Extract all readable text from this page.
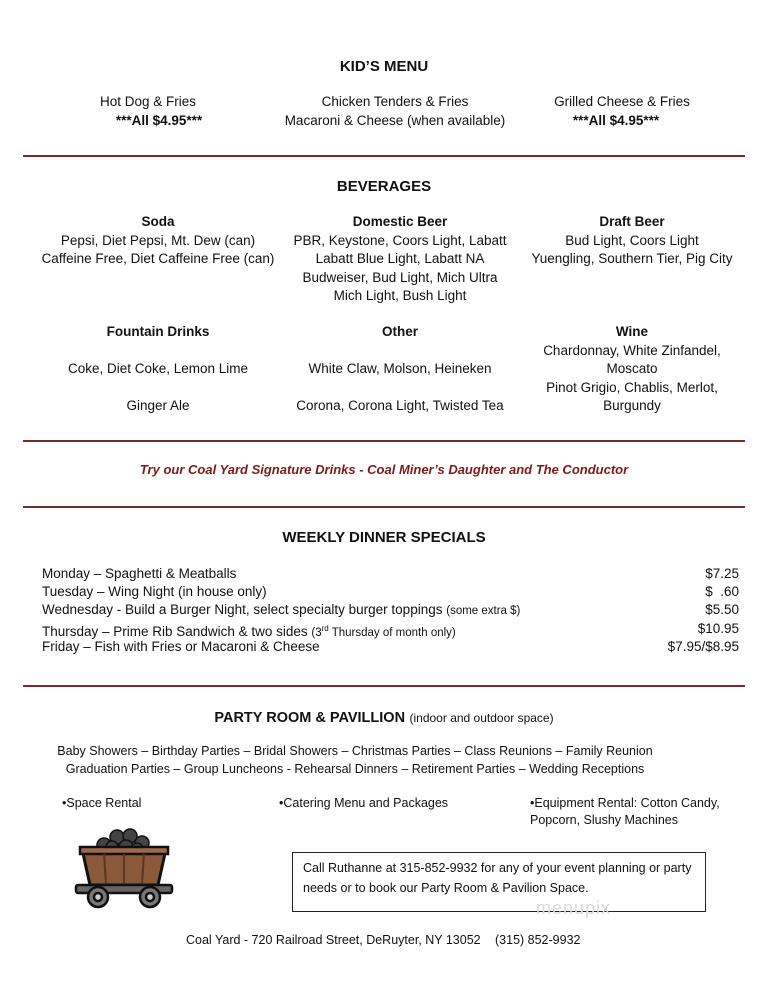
KID’S MENU
Hot Dog & Fries
***All $4.95***
Chicken Tenders & Fries
Macaroni & Cheese (when available)
Grilled Cheese & Fries
***All $4.95***
BEVERAGES
Soda
Pepsi, Diet Pepsi, Mt. Dew (can)
Caffeine Free, Diet Caffeine Free (can)
Domestic Beer
PBR, Keystone, Coors Light, Labatt
Labatt Blue Light, Labatt NA
Budweiser, Bud Light, Mich Ultra
Mich Light, Bush Light
Draft Beer
Bud Light, Coors Light
Yuengling, Southern Tier, Pig City
Fountain Drinks
Coke, Diet Coke, Lemon Lime
Ginger Ale
Other
White Claw, Molson, Heineken
Corona, Corona Light, Twisted Tea
Wine
Chardonnay, White Zinfandel,
Moscato
Pinot Grigio, Chablis, Merlot,
Burgundy
Try our Coal Yard Signature Drinks - Coal Miner’s Daughter and The Conductor
WEEKLY DINNER SPECIALS
Monday – Spaghetti & Meatballs	$7.25
Tuesday – Wing Night (in house only)	$  .60
Wednesday - Build a Burger Night, select specialty burger toppings (some extra $)	$5.50
Thursday – Prime Rib Sandwich & two sides (3rd Thursday of month only)	$10.95
Friday – Fish with Fries or Macaroni & Cheese	$7.95/$8.95
PARTY ROOM & PAVILLION (indoor and outdoor space)
Baby Showers – Birthday Parties – Bridal Showers – Christmas Parties – Class Reunions – Family Reunion
Graduation Parties – Group Luncheons - Rehearsal Dinners – Retirement Parties – Wedding Receptions
•Space Rental	•Catering Menu and Packages	•Equipment Rental: Cotton Candy,
Popcorn, Slushy Machines
Call Ruthanne at 315-852-9932 for any of your event planning or party
needs or to book our Party Room & Pavilion Space.
menupix
Coal Yard - 720 Railroad Street, DeRuyter, NY 13052 (315) 852-9932
